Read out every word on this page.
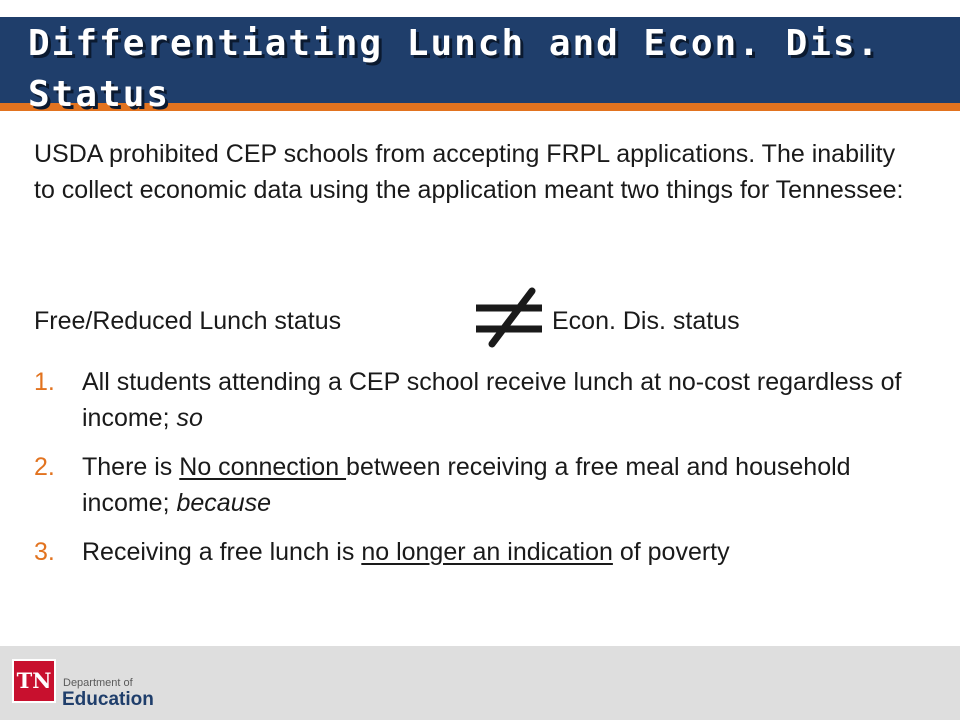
Differentiating Lunch and Econ. Dis. Status

USDA prohibited CEP schools from accepting FRPL applications. The inability to collect economic data using the application meant two things for Tennessee:

Free/Reduced Lunch status	Econ. Dis. status
1. All students attending a CEP school receive lunch at no-cost regardless of income; so
2. There is No connection between receiving a free meal and household income; because
3. Receiving a free lunch is no longer an indication of poverty
TN	Department of
Education
